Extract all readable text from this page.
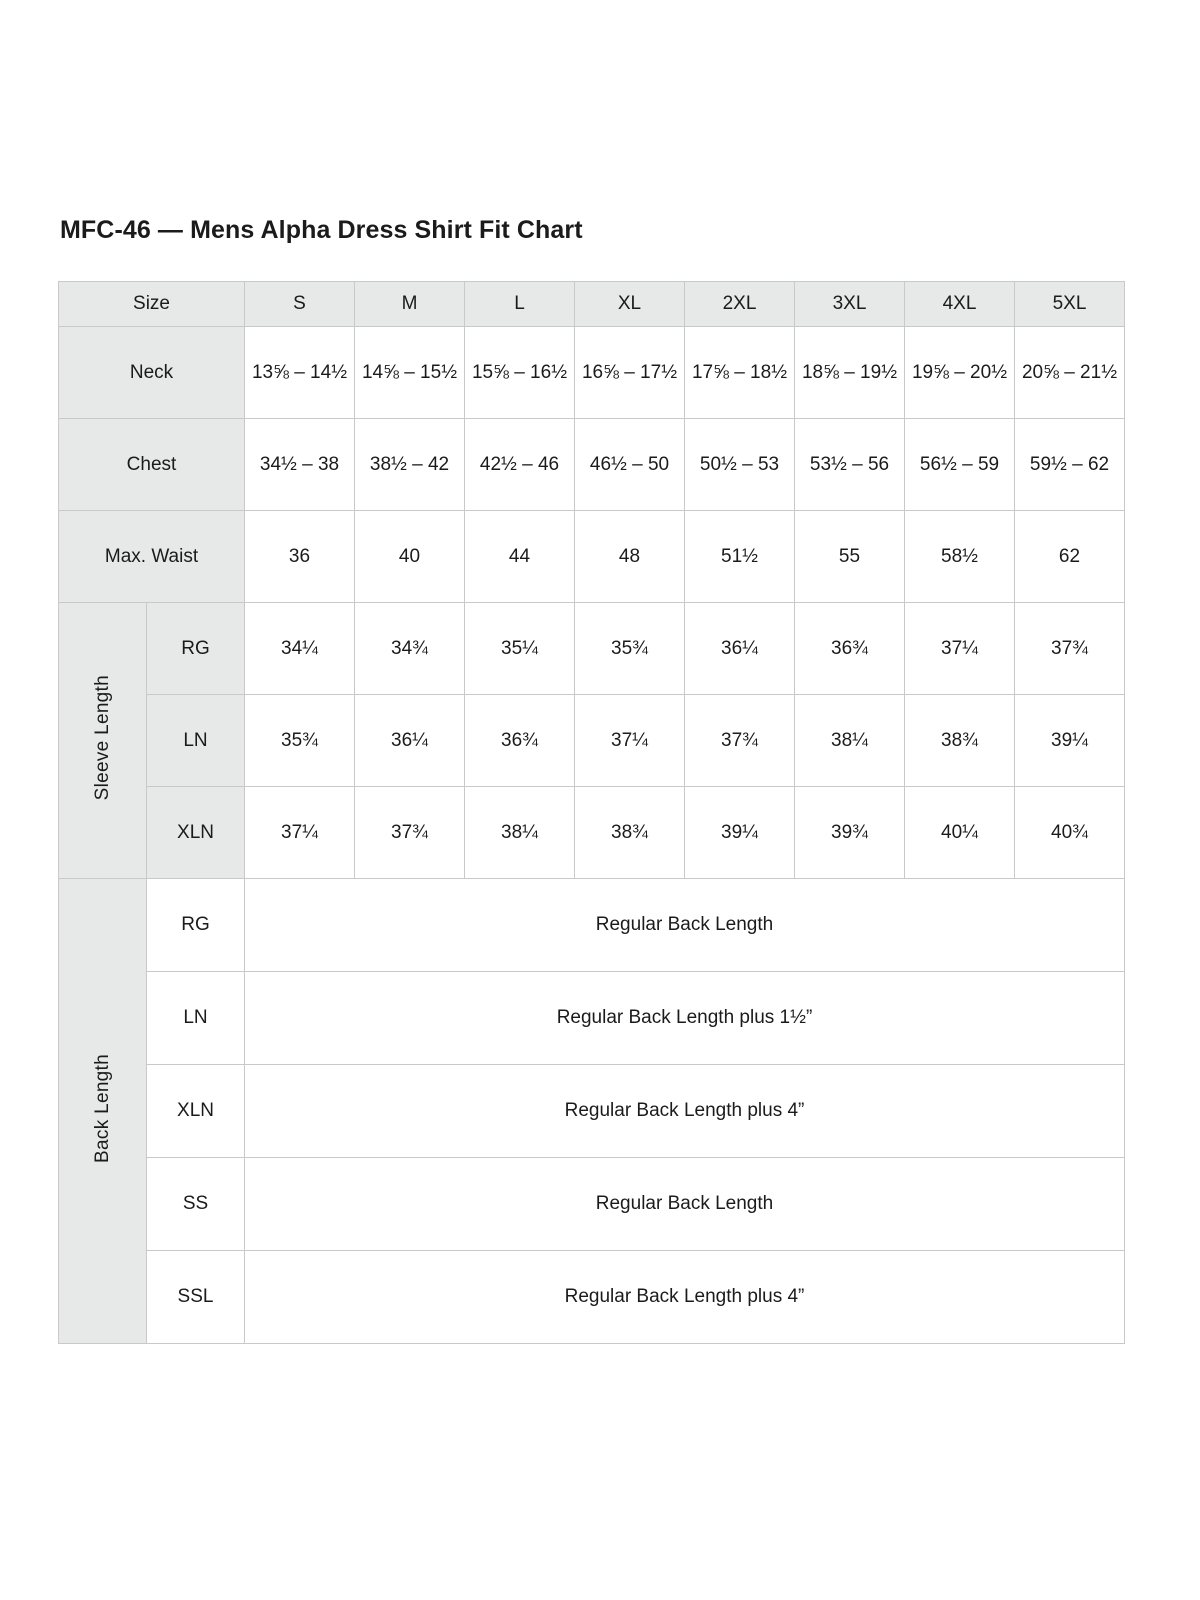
MFC-46 — Mens Alpha Dress Shirt Fit Chart
Size		S	M	L	XL	2XL	3XL	4XL	5XL
Neck		13⅝ – 14½	14⅝ – 15½	15⅝ – 16½	16⅝ – 17½	17⅝ – 18½	18⅝ – 19½	19⅝ – 20½	20⅝ – 21½
Chest		34½ – 38	38½ – 42	42½ – 46	46½ – 50	50½ – 53	53½ – 56	56½ – 59	59½ – 62
Max. Waist		36	40	44	48	51½	55	58½	62
Sleeve Length	RG	34¼	34¾	35¼	35¾	36¼	36¾	37¼	37¾
	LN	35¾	36¼	36¾	37¼	37¾	38¼	38¾	39¼
	XLN	37¼	37¾	38¼	38¾	39¼	39¾	40¼	40¾
Back Length	RG	Regular Back Length							
	LN	Regular Back Length plus 1½”							
	XLN	Regular Back Length plus 4”							
	SS	Regular Back Length							
	SSL	Regular Back Length plus 4”							
